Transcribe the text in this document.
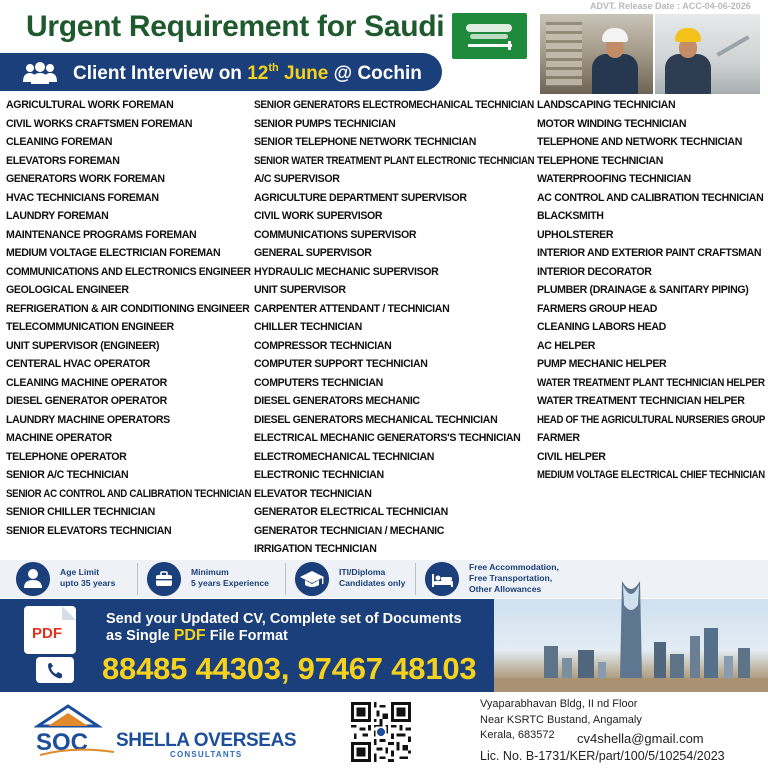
ADVT. Release Date : ACC-04-06-2026
Urgent Requirement for Saudi
Client Interview on 12th June @ Cochin
AGRICULTURAL WORK FOREMAN
CIVIL WORKS CRAFTSMEN FOREMAN
CLEANING FOREMAN
ELEVATORS FOREMAN
GENERATORS WORK FOREMAN
HVAC TECHNICIANS FOREMAN
LAUNDRY FOREMAN
MAINTENANCE PROGRAMS FOREMAN
MEDIUM VOLTAGE ELECTRICIAN FOREMAN
COMMUNICATIONS AND ELECTRONICS ENGINEER
GEOLOGICAL ENGINEER
REFRIGERATION & AIR CONDITIONING ENGINEER
TELECOMMUNICATION ENGINEER
UNIT SUPERVISOR (ENGINEER)
CENTERAL HVAC OPERATOR
CLEANING MACHINE OPERATOR
DIESEL GENERATOR OPERATOR
LAUNDRY MACHINE OPERATORS
MACHINE OPERATOR
TELEPHONE OPERATOR
SENIOR A/C TECHNICIAN
SENIOR AC CONTROL AND CALIBRATION TECHNICIAN
SENIOR CHILLER TECHNICIAN
SENIOR ELEVATORS TECHNICIAN
SENIOR GENERATORS ELECTROMECHANICAL TECHNICIAN
SENIOR PUMPS TECHNICIAN
SENIOR TELEPHONE NETWORK TECHNICIAN
SENIOR WATER TREATMENT PLANT ELECTRONIC TECHNICIAN
A/C SUPERVISOR
AGRICULTURE DEPARTMENT SUPERVISOR
CIVIL WORK SUPERVISOR
COMMUNICATIONS SUPERVISOR
GENERAL SUPERVISOR
HYDRAULIC MECHANIC SUPERVISOR
UNIT SUPERVISOR
CARPENTER ATTENDANT / TECHNICIAN
CHILLER TECHNICIAN
COMPRESSOR TECHNICIAN
COMPUTER SUPPORT TECHNICIAN
COMPUTERS TECHNICIAN
DIESEL GENERATORS MECHANIC
DIESEL GENERATORS MECHANICAL TECHNICIAN
ELECTRICAL MECHANIC GENERATORS'S TECHNICIAN
ELECTROMECHANICAL TECHNICIAN
ELECTRONIC TECHNICIAN
ELEVATOR TECHNICIAN
GENERATOR ELECTRICAL TECHNICIAN
GENERATOR TECHNICIAN / MECHANIC
IRRIGATION TECHNICIAN
LANDSCAPING TECHNICIAN
MOTOR WINDING TECHNICIAN
TELEPHONE AND NETWORK TECHNICIAN
TELEPHONE TECHNICIAN
WATERPROOFING TECHNICIAN
AC CONTROL AND CALIBRATION TECHNICIAN
BLACKSMITH
UPHOLSTERER
INTERIOR AND EXTERIOR PAINT CRAFTSMAN
INTERIOR DECORATOR
PLUMBER (DRAINAGE & SANITARY PIPING)
FARMERS GROUP HEAD
CLEANING LABORS HEAD
AC HELPER
PUMP MECHANIC HELPER
WATER TREATMENT PLANT TECHNICIAN HELPER
WATER TREATMENT TECHNICIAN HELPER
HEAD OF THE AGRICULTURAL NURSERIES GROUP
FARMER
CIVIL HELPER
MEDIUM VOLTAGE ELECTRICAL CHIEF TECHNICIAN
Age Limit
upto 35 years
Minimum
5 years Experience
ITI/Diploma
Candidates only
Free Accommodation,
Free Transportation,
Other Allowances
PDF
Send your Updated CV, Complete set of Documents
as Single PDF File Format
88485 44303, 97467 48103
SOC SHELLA OVERSEAS
CONSULTANTS
Vyaparabhavan Bldg, II nd Floor
Near KSRTC Bustand, Angamaly
Kerala, 683572 cv4shella@gmail.com
Lic. No. B-1731/KER/part/100/5/10254/2023
